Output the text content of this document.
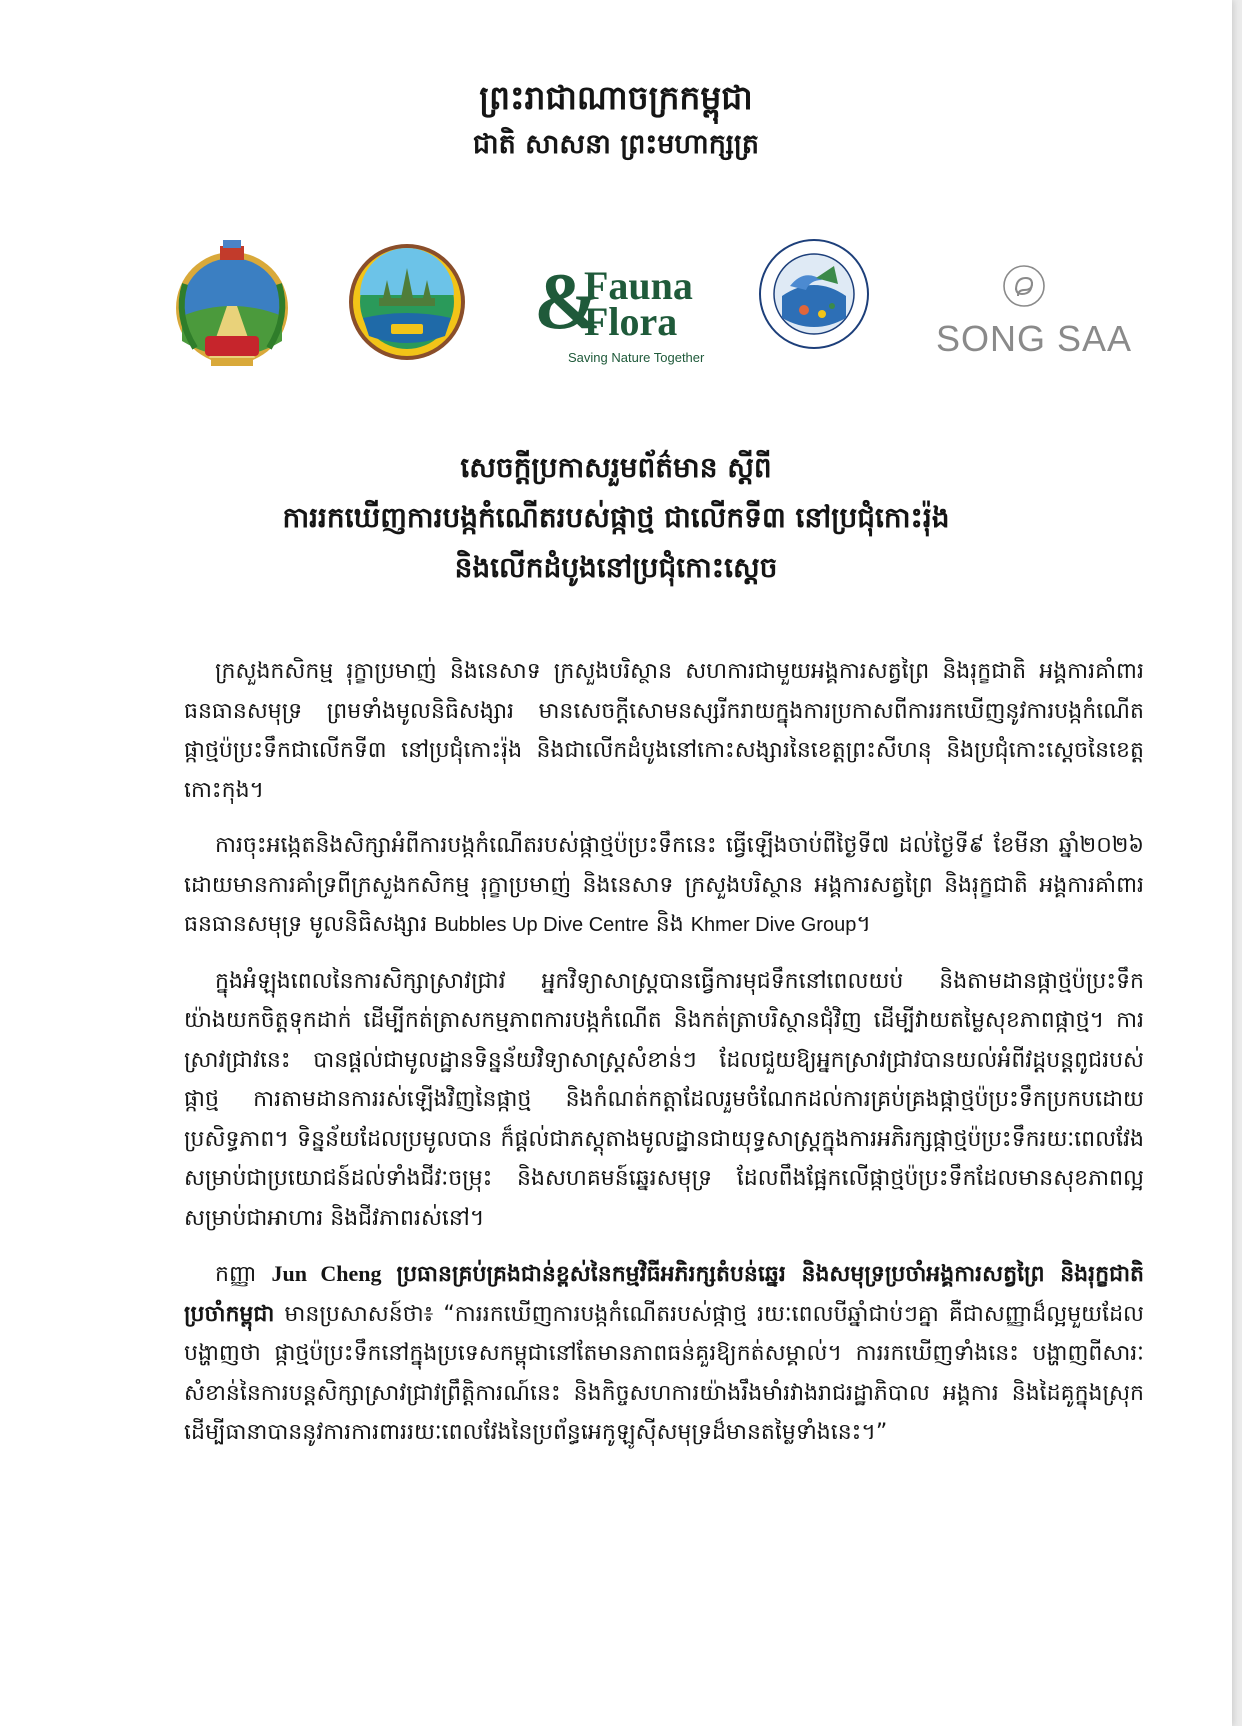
ព្រះរាជាណាចក្រកម្ពុជា
ជាតិ សាសនា ព្រះមហាក្សត្រ
&
Fauna
Flora
Saving Nature Together	SONG SAA
សេចក្តីប្រកាសរួមព័ត៌មាន ស្តីពី
ការរកឃើញការបង្កកំណើតរបស់ផ្កាថ្ម ជាលើកទី៣ នៅប្រជុំកោះរ៉ុង
និងលើកដំបូងនៅប្រជុំកោះស្តេច

ក្រសួងកសិកម្ម រុក្ខាប្រមាញ់ និងនេសាទ ក្រសួងបរិស្ថាន សហការជាមួយអង្គការសត្វព្រៃ និងរុក្ខជាតិ អង្គការគាំពារធនធានសមុទ្រ ព្រមទាំងមូលនិធិសង្សារ មានសេចក្តីសោមនស្សរីករាយក្នុងការប្រកាសពីការរកឃើញនូវការបង្កកំណើតផ្កាថ្មប៉ប្រះទឹកជាលើកទី៣ នៅប្រជុំកោះរ៉ុង និងជាលើកដំបូងនៅកោះសង្សារនៃខេត្តព្រះសីហនុ និងប្រជុំកោះស្តេចនៃខេត្តកោះកុង។

ការចុះអង្កេតនិងសិក្សាអំពីការបង្កកំណើតរបស់ផ្កាថ្មប៉ប្រះទឹកនេះ ធ្វើឡើងចាប់ពីថ្ងៃទី៧ ដល់ថ្ងៃទី៩ ខែមីនា ឆ្នាំ២០២៦ ដោយមានការគាំទ្រពីក្រសួងកសិកម្ម រុក្ខាប្រមាញ់ និងនេសាទ ក្រសួងបរិស្ថាន អង្គការសត្វព្រៃ និងរុក្ខជាតិ អង្គការគាំពារធនធានសមុទ្រ មូលនិធិសង្សារ Bubbles Up Dive Centre និង Khmer Dive Group។

ក្នុងអំឡុងពេលនៃការសិក្សាស្រាវជ្រាវ អ្នកវិទ្យាសាស្ត្របានធ្វើការមុជទឹកនៅពេលយប់ និងតាមដានផ្កាថ្មប៉ប្រះទឹកយ៉ាងយកចិត្តទុកដាក់ ដើម្បីកត់ត្រាសកម្មភាពការបង្កកំណើត និងកត់ត្រាបរិស្ថានជុំវិញ ដើម្បីវាយតម្លៃសុខភាពផ្កាថ្ម។ ការស្រាវជ្រាវនេះ បានផ្តល់ជាមូលដ្ឋានទិន្នន័យវិទ្យាសាស្ត្រសំខាន់ៗ ដែលជួយឱ្យអ្នកស្រាវជ្រាវបានយល់អំពីវដ្តបន្តពូជរបស់ផ្កាថ្ម ការតាមដានការរស់ឡើងវិញនៃផ្កាថ្ម និងកំណត់កត្តាដែលរួមចំណែកដល់ការគ្រប់គ្រងផ្កាថ្មប៉ប្រះទឹកប្រកបដោយប្រសិទ្ធភាព។ ទិន្នន័យដែលប្រមូលបាន ក៏ផ្តល់ជាភស្តុតាងមូលដ្ឋានជាយុទ្ធសាស្ត្រក្នុងការអភិរក្សផ្កាថ្មប៉ប្រះទឹករយៈពេលវែង សម្រាប់ជាប្រយោជន៍ដល់ទាំងជីវៈចម្រុះ និងសហគមន៍ឆ្នេរសមុទ្រ ដែលពឹងផ្អែកលើផ្កាថ្មប៉ប្រះទឹកដែលមានសុខភាពល្អសម្រាប់ជាអាហារ និងជីវភាពរស់នៅ។

កញ្ញា Jun Cheng ប្រធានគ្រប់គ្រងជាន់ខ្ពស់នៃកម្មវិធីអភិរក្សតំបន់ឆ្នេរ និងសមុទ្រប្រចាំអង្គការសត្វព្រៃ និងរុក្ខជាតិប្រចាំកម្ពុជា មានប្រសាសន៍ថា៖ “ការរកឃើញការបង្កកំណើតរបស់ផ្កាថ្ម រយៈពេលបីឆ្នាំជាប់ៗគ្នា គឺជាសញ្ញាដ៏ល្អមួយដែលបង្ហាញថា ផ្កាថ្មប៉ប្រះទឹកនៅក្នុងប្រទេសកម្ពុជានៅតែមានភាពធន់គួរឱ្យកត់សម្គាល់។ ការរកឃើញទាំងនេះ បង្ហាញពីសារៈសំខាន់នៃការបន្តសិក្សាស្រាវជ្រាវព្រឹត្តិការណ៍នេះ និងកិច្ចសហការយ៉ាងរឹងមាំរវាងរាជរដ្ឋាភិបាល អង្គការ និងដៃគូក្នុងស្រុក ដើម្បីធានាបាននូវការការពាររយៈពេលវែងនៃប្រព័ន្ធអេកូឡូស៊ីសមុទ្រដ៏មានតម្លៃទាំងនេះ។”
